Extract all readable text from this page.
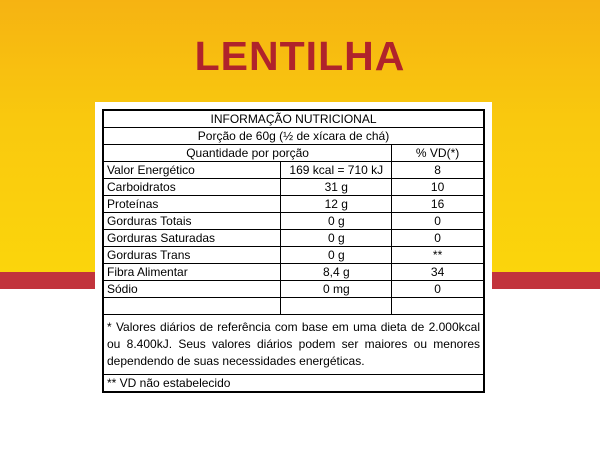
LENTILHA
INFORMAÇÃO NUTRICIONAL		
Porção de 60g (½ de xícara de chá)		
Quantidade por porção		% VD(*)
Valor Energético	169 kcal = 710 kJ	8
Carboidratos	31 g	10
Proteínas	12 g	16
Gorduras Totais	0 g	0
Gorduras Saturadas	0 g	0
Gorduras Trans	0 g	**
Fibra Alimentar	8,4 g	34
Sódio	0 mg	0

* Valores diários de referência com base em uma dieta de 2.000kcal ou 8.400kJ. Seus valores diários podem ser maiores ou menores dependendo de suas necessidades energéticas.		
** VD não estabelecido		
